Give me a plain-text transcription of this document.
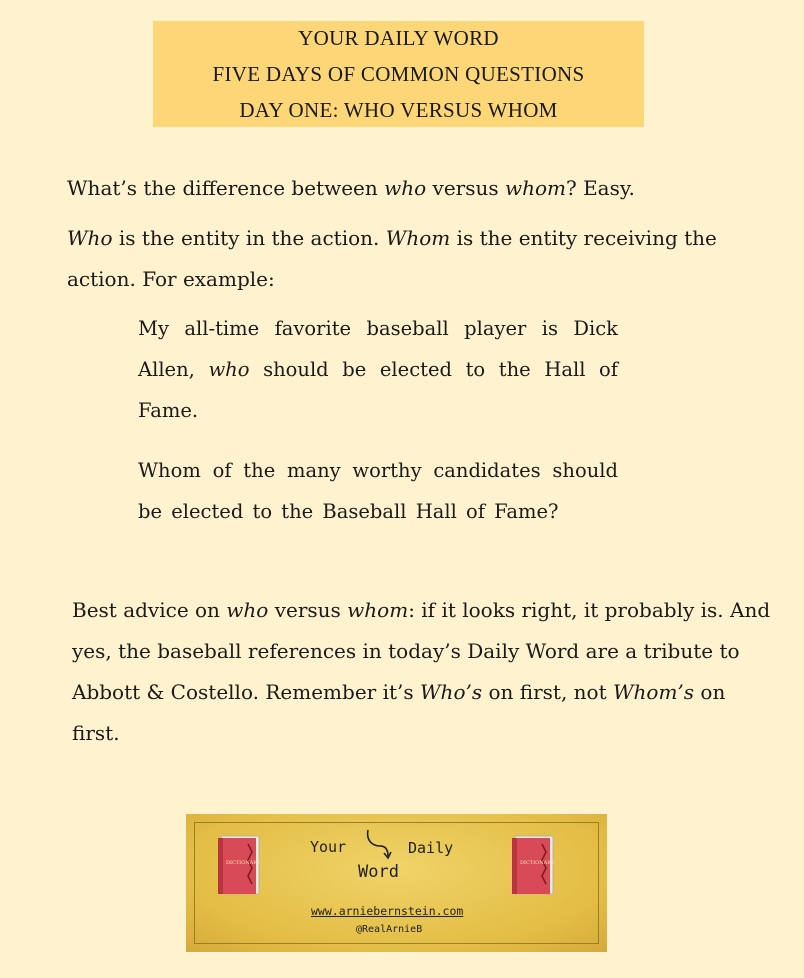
YOUR DAILY WORD
FIVE DAYS OF COMMON QUESTIONS
DAY ONE: WHO VERSUS WHOM

What’s the difference between who versus whom? Easy.

Who is the entity in the action. Whom is the entity receiving the action. For example:

My all-time favorite baseball player is Dick Allen, who should be elected to the Hall of Fame.

Whom of the many worthy candidates should be elected to the Baseball Hall of Fame?

Best advice on who versus whom: if it looks right, it probably is. And yes, the baseball references in today’s Daily Word are a tribute to Abbott & Costello. Remember it’s Who’s on first, not Whom’s on first.

DICTIONARY	DICTIONARY
Your	Daily
Word
www.arniebernstein.com
@RealArnieB
